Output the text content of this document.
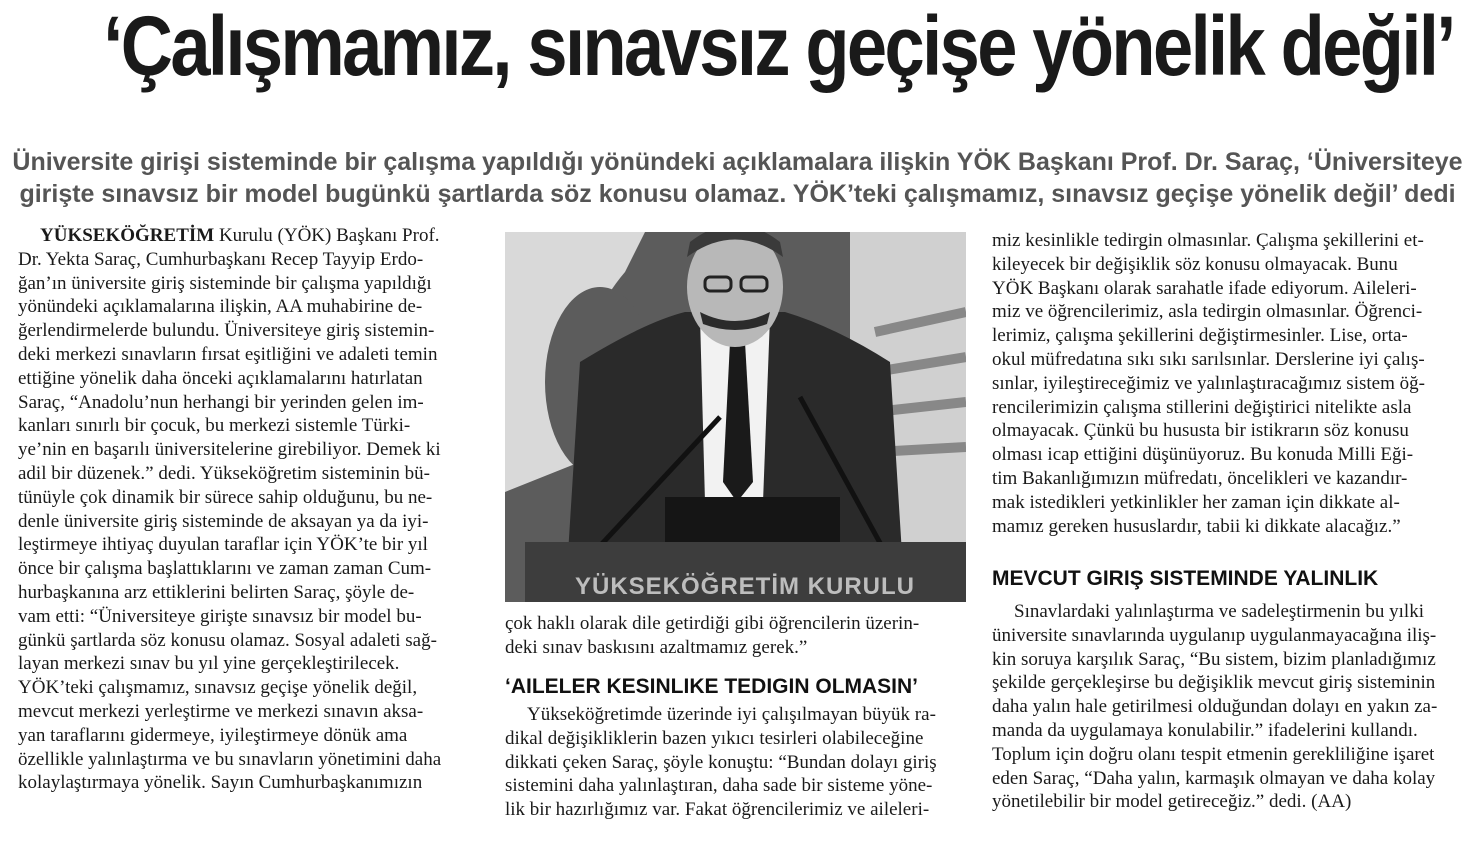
‘Çalışmamız, sınavsız geçişe yönelik değil’
Üniversite girişi sisteminde bir çalışma yapıldığı yönündeki açıklamalara ilişkin YÖK Başkanı Prof. Dr. Saraç, ‘Üniversiteye
girişte sınavsız bir model bugünkü şartlarda söz konusu olamaz. YÖK’teki çalışmamız, sınavsız geçişe yönelik değil’ dedi
YÜKSEKÖĞRETİM Kurulu (YÖK) Başkanı Prof.
Dr. Yekta Saraç, Cumhurbaşkanı Recep Tayyip Erdo-
ğan’ın üniversite giriş sisteminde bir çalışma yapıldığı
yönündeki açıklamalarına ilişkin, AA muhabirine de-
ğerlendirmelerde bulundu. Üniversiteye giriş sistemin-
deki merkezi sınavların fırsat eşitliğini ve adaleti temin
ettiğine yönelik daha önceki açıklamalarını hatırlatan
Saraç, “Anadolu’nun herhangi bir yerinden gelen im-
kanları sınırlı bir çocuk, bu merkezi sistemle Türki-
ye’nin en başarılı üniversitelerine girebiliyor. Demek ki
adil bir düzenek.” dedi. Yükseköğretim sisteminin bü-
tünüyle çok dinamik bir sürece sahip olduğunu, bu ne-
denle üniversite giriş sisteminde de aksayan ya da iyi-
leştirmeye ihtiyaç duyulan taraflar için YÖK’te bir yıl
önce bir çalışma başlattıklarını ve zaman zaman Cum-
hurbaşkanına arz ettiklerini belirten Saraç, şöyle de-
vam etti: “Üniversiteye girişte sınavsız bir model bu-
günkü şartlarda söz konusu olamaz. Sosyal adaleti sağ-
layan merkezi sınav bu yıl yine gerçekleştirilecek.
YÖK’teki çalışmamız, sınavsız geçişe yönelik değil,
mevcut merkezi yerleştirme ve merkezi sınavın aksa-
yan taraflarını gidermeye, iyileştirmeye dönük ama
özellikle yalınlaştırma ve bu sınavların yönetimini daha
kolaylaştırmaya yönelik. Sayın Cumhurbaşkanımızın
YÜKSEKÖĞRETİM KURULU
çok haklı olarak dile getirdiği gibi öğrencilerin üzerin-
deki sınav baskısını azaltmamız gerek.”
‘AILELER KESINLIKE TEDIGIN OLMASIN’
Yükseköğretimde üzerinde iyi çalışılmayan büyük ra-
dikal değişikliklerin bazen yıkıcı tesirleri olabileceğine
dikkati çeken Saraç, şöyle konuştu: “Bundan dolayı giriş
sistemini daha yalınlaştıran, daha sade bir sisteme yöne-
lik bir hazırlığımız var. Fakat öğrencilerimiz ve aileleri-
miz kesinlikle tedirgin olmasınlar. Çalışma şekillerini et-
kileyecek bir değişiklik söz konusu olmayacak. Bunu
YÖK Başkanı olarak sarahatle ifade ediyorum. Aileleri-
miz ve öğrencilerimiz, asla tedirgin olmasınlar. Öğrenci-
lerimiz, çalışma şekillerini değiştirmesinler. Lise, orta-
okul müfredatına sıkı sıkı sarılsınlar. Derslerine iyi çalış-
sınlar, iyileştireceğimiz ve yalınlaştıracağımız sistem öğ-
rencilerimizin çalışma stillerini değiştirici nitelikte asla
olmayacak. Çünkü bu hususta bir istikrarın söz konusu
olması icap ettiğini düşünüyoruz. Bu konuda Milli Eği-
tim Bakanlığımızın müfredatı, öncelikleri ve kazandır-
mak istedikleri yetkinlikler her zaman için dikkate al-
mamız gereken hususlardır, tabii ki dikkate alacağız.”
MEVCUT GIRIŞ SISTEMINDE YALINLIK
Sınavlardaki yalınlaştırma ve sadeleştirmenin bu yılki
üniversite sınavlarında uygulanıp uygulanmayacağına iliş-
kin soruya karşılık Saraç, “Bu sistem, bizim planladığımız
şekilde gerçekleşirse bu değişiklik mevcut giriş sisteminin
daha yalın hale getirilmesi olduğundan dolayı en yakın za-
manda da uygulamaya konulabilir.” ifadelerini kullandı.
Toplum için doğru olanı tespit etmenin gerekliliğine işaret
eden Saraç, “Daha yalın, karmaşık olmayan ve daha kolay
yönetilebilir bir model getireceğiz.” dedi. (AA)
